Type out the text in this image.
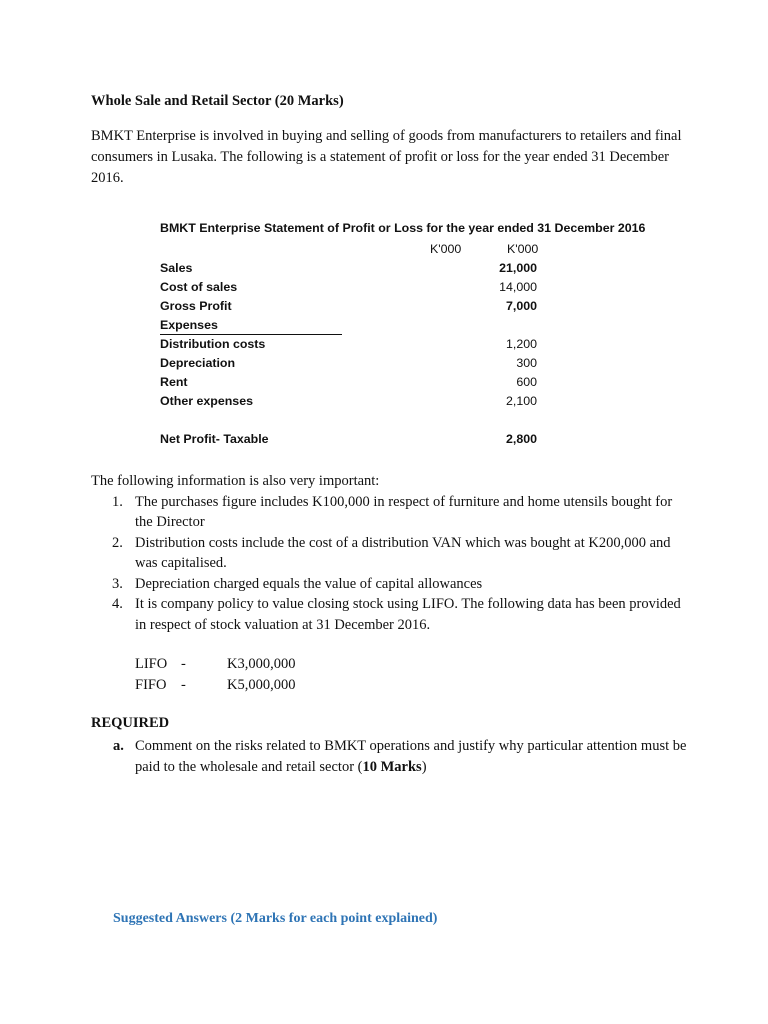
Whole Sale and Retail Sector (20 Marks)

BMKT Enterprise is involved in buying and selling of goods from manufacturers to retailers and final consumers in Lusaka. The following is a statement of profit or loss for the year ended 31 December 2016.

BMKT Enterprise Statement of Profit or Loss for the year ended 31 December 2016
K'000	K'000
Sales	21,000
Cost of sales	14,000
Gross Profit	7,000
Expenses
Distribution costs	1,200
Depreciation	300
Rent	600
Other expenses	2,100
Net Profit- Taxable	2,800

The following information is also very important:

1. The purchases figure includes K100,000 in respect of furniture and home utensils bought for the Director
2. Distribution costs include the cost of a distribution VAN which was bought at K200,000 and was capitalised.
3. Depreciation charged equals the value of capital allowances
4. It is company policy to value closing stock using LIFO. The following data has been provided in respect of stock valuation at 31 December 2016.
LIFO -	K3,000,000
FIFO -	K5,000,000
REQUIRED
a. Comment on the risks related to BMKT operations and justify why particular attention must be paid to the wholesale and retail sector (10 Marks)
Suggested Answers (2 Marks for each point explained)
